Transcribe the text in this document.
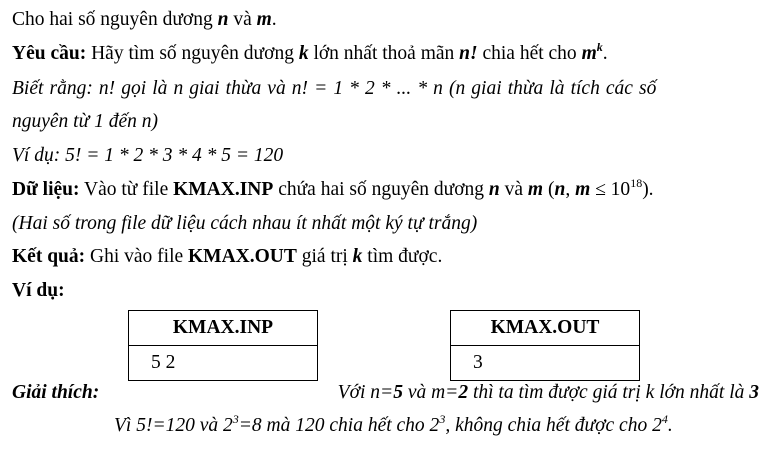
Cho hai số nguyên dương n và m.
Yêu cầu: Hãy tìm số nguyên dương k lớn nhất thoả mãn n! chia hết cho $m^k$.
Biết rằng: n! gọi là n giai thừa và n! = 1 * 2 * ... * n (n giai thừa là tích các số
nguyên từ 1 đến n)
Ví dụ: 5! = 1 * 2 * 3 * 4 * 5 = 120
Dữ liệu: Vào từ file KMAX.INP chứa hai số nguyên dương n và m (n, $m \le 10^{18}$).
(Hai số trong file dữ liệu cách nhau ít nhất một ký tự trắng)
Kết quả: Ghi vào file KMAX.OUT giá trị k tìm được.
Ví dụ:
KMAX.INP
5 2
KMAX.OUT
3
Giải thích:	Với n=5 và m=2 thì ta tìm được giá trị k lớn nhất là 3
Vì 5!=120 và $2^3=8$ mà 120 chia hết cho $2^3$, không chia hết được cho $2^4$.
